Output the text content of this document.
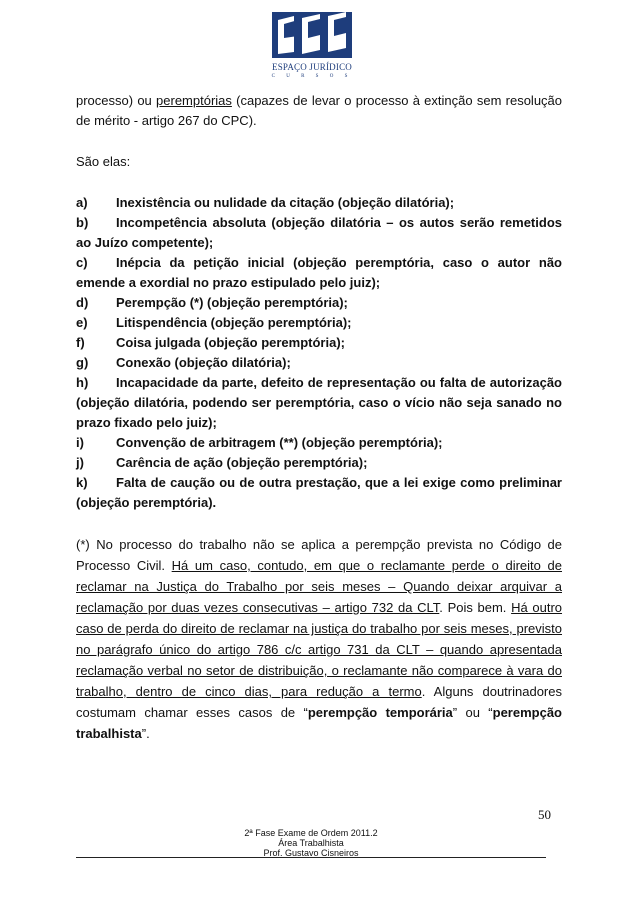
ESPAÇO JURÍDICO
C U R S O S

processo) ou peremptórias (capazes de levar o processo à extinção sem resolução de mérito - artigo 267 do CPC).

São elas:

a) Inexistência ou nulidade da citação (objeção dilatória);

b) Incompetência absoluta (objeção dilatória – os autos serão remetidos ao Juízo competente);

c) Inépcia da petição inicial (objeção peremptória, caso o autor não emende a exordial no prazo estipulado pelo juiz);

d) Perempção (*) (objeção peremptória);

e) Litispendência (objeção peremptória);

f) Coisa julgada (objeção peremptória);

g) Conexão (objeção dilatória);

h) Incapacidade da parte, defeito de representação ou falta de autorização (objeção dilatória, podendo ser peremptória, caso o vício não seja sanado no prazo fixado pelo juiz);

i) Convenção de arbitragem (**) (objeção peremptória);

j) Carência de ação (objeção peremptória);

k) Falta de caução ou de outra prestação, que a lei exige como preliminar (objeção peremptória).

(*) No processo do trabalho não se aplica a perempção prevista no Código de Processo Civil. Há um caso, contudo, em que o reclamante perde o direito de reclamar na Justiça do Trabalho por seis meses – Quando deixar arquivar a reclamação por duas vezes consecutivas – artigo 732 da CLT. Pois bem. Há outro caso de perda do direito de reclamar na justiça do trabalho por seis meses, previsto no parágrafo único do artigo 786 c/c artigo 731 da CLT – quando apresentada reclamação verbal no setor de distribuição, o reclamante não comparece à vara do trabalho, dentro de cinco dias, para redução a termo. Alguns doutrinadores costumam chamar esses casos de “perempção temporária” ou “perempção trabalhista”.

50
2ª Fase Exame de Ordem 2011.2
Área Trabalhista
Prof. Gustavo Cisneiros
